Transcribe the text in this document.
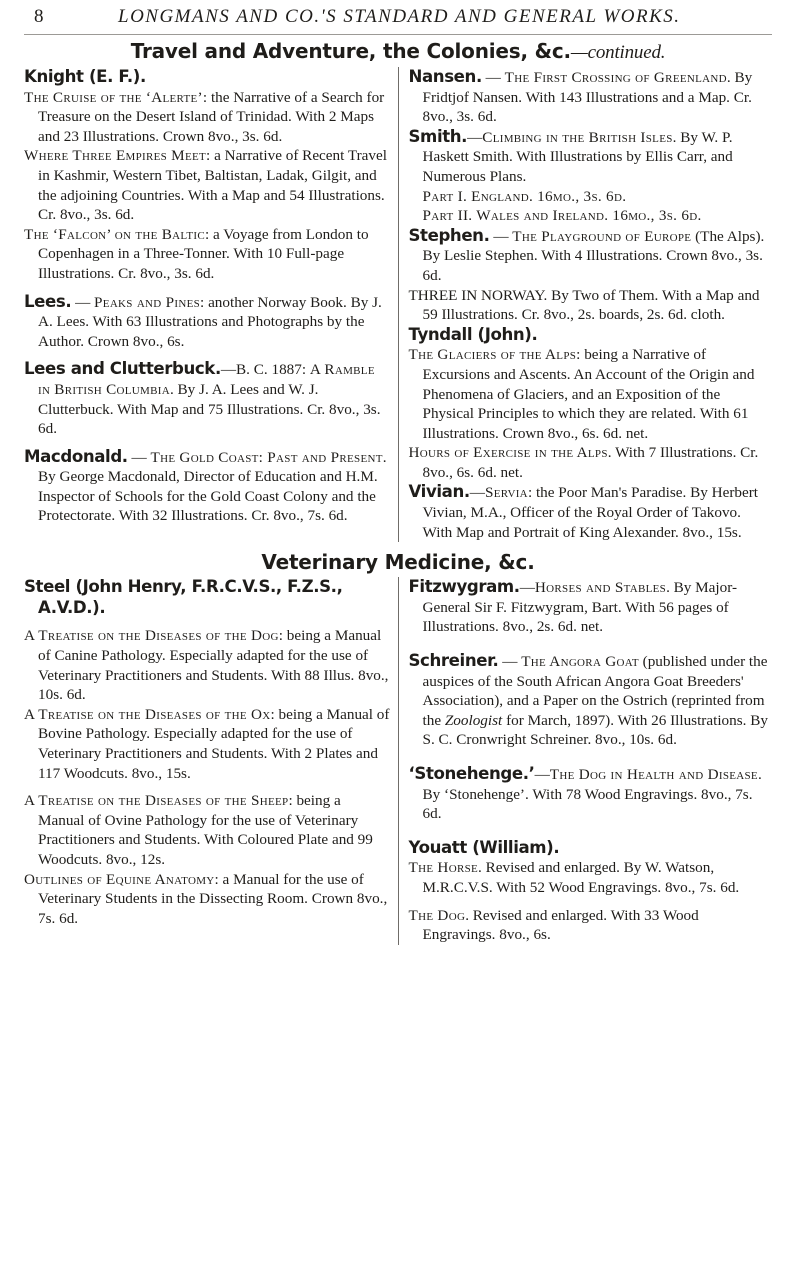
8	LONGMANS AND CO.'S STANDARD AND GENERAL WORKS.
Travel and Adventure, the Colonies, &c.—continued.

Knight (E. F.).

The Cruise of the ‘Alerte’: the Narrative of a Search for Treasure on the Desert Island of Trinidad. With 2 Maps and 23 Illustrations. Crown 8vo., 3s. 6d.

Where Three Empires Meet: a Narrative of Recent Travel in Kashmir, Western Tibet, Baltistan, Ladak, Gilgit, and the adjoining Countries. With a Map and 54 Illustrations. Cr. 8vo., 3s. 6d.

The ‘Falcon’ on the Baltic: a Voyage from London to Copenhagen in a Three-Tonner. With 10 Full-page Illustrations. Cr. 8vo., 3s. 6d.

Lees. — Peaks and Pines: another Norway Book. By J. A. Lees. With 63 Illustrations and Photographs by the Author. Crown 8vo., 6s.

Lees and Clutterbuck.—B. C. 1887: A Ramble in British Columbia. By J. A. Lees and W. J. Clutterbuck. With Map and 75 Illustrations. Cr. 8vo., 3s. 6d.

Macdonald. — The Gold Coast: Past and Present. By George Macdonald, Director of Education and H.M. Inspector of Schools for the Gold Coast Colony and the Protectorate. With 32 Illustrations. Cr. 8vo., 7s. 6d.

Nansen. — The First Crossing of Greenland. By Fridtjof Nansen. With 143 Illustrations and a Map. Cr. 8vo., 3s. 6d.

Smith.—Climbing in the British Isles. By W. P. Haskett Smith. With Illustrations by Ellis Carr, and Numerous Plans.

Part I. England. 16mo., 3s. 6d.

Part II. Wales and Ireland. 16mo., 3s. 6d.

Stephen. — The Playground of Europe (The Alps). By Leslie Stephen. With 4 Illustrations. Crown 8vo., 3s. 6d.

THREE IN NORWAY. By Two of Them. With a Map and 59 Illustrations. Cr. 8vo., 2s. boards, 2s. 6d. cloth.

Tyndall (John).

The Glaciers of the Alps: being a Narrative of Excursions and Ascents. An Account of the Origin and Phenomena of Glaciers, and an Exposition of the Physical Principles to which they are related. With 61 Illustrations. Crown 8vo., 6s. 6d. net.

Hours of Exercise in the Alps. With 7 Illustrations. Cr. 8vo., 6s. 6d. net.

Vivian.—Servia: the Poor Man's Paradise. By Herbert Vivian, M.A., Officer of the Royal Order of Takovo. With Map and Portrait of King Alexander. 8vo., 15s.

Veterinary Medicine, &c.

Steel (John Henry, F.R.C.V.S., F.Z.S., A.V.D.).

A Treatise on the Diseases of the Dog: being a Manual of Canine Pathology. Especially adapted for the use of Veterinary Practitioners and Students. With 88 Illus. 8vo., 10s. 6d.

A Treatise on the Diseases of the Ox: being a Manual of Bovine Pathology. Especially adapted for the use of Veterinary Practitioners and Students. With 2 Plates and 117 Woodcuts. 8vo., 15s.

A Treatise on the Diseases of the Sheep: being a Manual of Ovine Pathology for the use of Veterinary Practitioners and Students. With Coloured Plate and 99 Woodcuts. 8vo., 12s.

Outlines of Equine Anatomy: a Manual for the use of Veterinary Students in the Dissecting Room. Crown 8vo., 7s. 6d.

Fitzwygram.—Horses and Stables. By Major-General Sir F. Fitzwygram, Bart. With 56 pages of Illustrations. 8vo., 2s. 6d. net.

Schreiner. — The Angora Goat (published under the auspices of the South African Angora Goat Breeders' Association), and a Paper on the Ostrich (reprinted from the Zoologist for March, 1897). With 26 Illustrations. By S. C. Cronwright Schreiner. 8vo., 10s. 6d.

‘Stonehenge.’—The Dog in Health and Disease. By ‘Stonehenge’. With 78 Wood Engravings. 8vo., 7s. 6d.

Youatt (William).

The Horse. Revised and enlarged. By W. Watson, M.R.C.V.S. With 52 Wood Engravings. 8vo., 7s. 6d.

The Dog. Revised and enlarged. With 33 Wood Engravings. 8vo., 6s.
